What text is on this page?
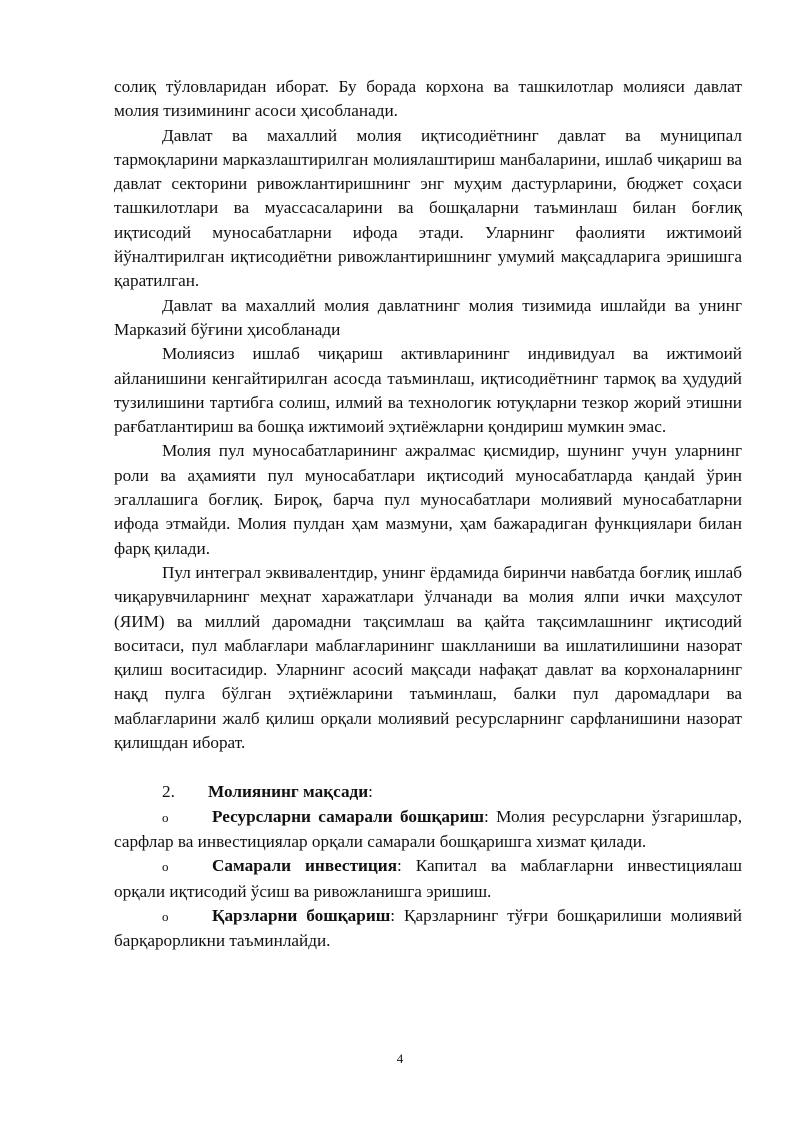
солиқ тўловларидан иборат. Бу борада корхона ва ташкилотлар молияси давлат молия тизимининг асоси ҳисобланади.

Давлат ва махаллий молия иқтисодиётнинг давлат ва муниципал тармоқларини марказлаштирилган молиялаштириш манбаларини, ишлаб чиқариш ва давлат секторини ривожлантиришнинг энг муҳим дастурларини, бюджет соҳаси ташкилотлари ва муассасаларини ва бошқаларни таъминлаш билан боғлиқ иқтисодий муносабатларни ифода этади. Уларнинг фаолияти ижтимоий йўналтирилган иқтисодиётни ривожлантиришнинг умумий мақсадларига эришишга қаратилган.

Давлат ва махаллий молия давлатнинг молия тизимида ишлайди ва унинг Марказий бўғини ҳисобланади

Молиясиз ишлаб чиқариш активларининг индивидуал ва ижтимоий айланишини кенгайтирилган асосда таъминлаш, иқтисодиётнинг тармоқ ва ҳудудий тузилишини тартибга солиш, илмий ва технологик ютуқларни тезкор жорий этишни рағбатлантириш ва бошқа ижтимоий эҳтиёжларни қондириш мумкин эмас.

Молия пул муносабатларининг ажралмас қисмидир, шунинг учун уларнинг роли ва аҳамияти пул муносабатлари иқтисодий муносабатларда қандай ўрин эгаллашига боғлиқ. Бироқ, барча пул муносабатлари молиявий муносабатларни ифода этмайди. Молия пулдан ҳам мазмуни, ҳам бажарадиган функциялари билан фарқ қилади.

Пул интеграл эквивалентдир, унинг ёрдамида биринчи навбатда боғлиқ ишлаб чиқарувчиларнинг меҳнат харажатлари ўлчанади ва молия ялпи ички маҳсулот (ЯИМ) ва миллий даромадни тақсимлаш ва қайта тақсимлашнинг иқтисодий воситаси, пул маблағлари маблағларининг шаклланиши ва ишлатилишини назорат қилиш воситасидир. Уларнинг асосий мақсади нафақат давлат ва корхоналарнинг нақд пулга бўлган эҳтиёжларини таъминлаш, балки пул даромадлари ва маблағларини жалб қилиш орқали молиявий ресурсларнинг сарфланишини назорат қилишдан иборат.

2. Молиянинг мақсади:

o	Ресурсларни самарали бошқариш: Молия ресурсларни ўзгаришлар, сарфлар ва инвестициялар орқали самарали бошқаришга хизмат қилади.

o	Самарали инвестиция: Капитал ва маблағларни инвестициялаш орқали иқтисодий ўсиш ва ривожланишга эришиш.

o	Қарзларни бошқариш: Қарзларнинг тўғри бошқарилиши молиявий барқарорликни таъминлайди.

4
